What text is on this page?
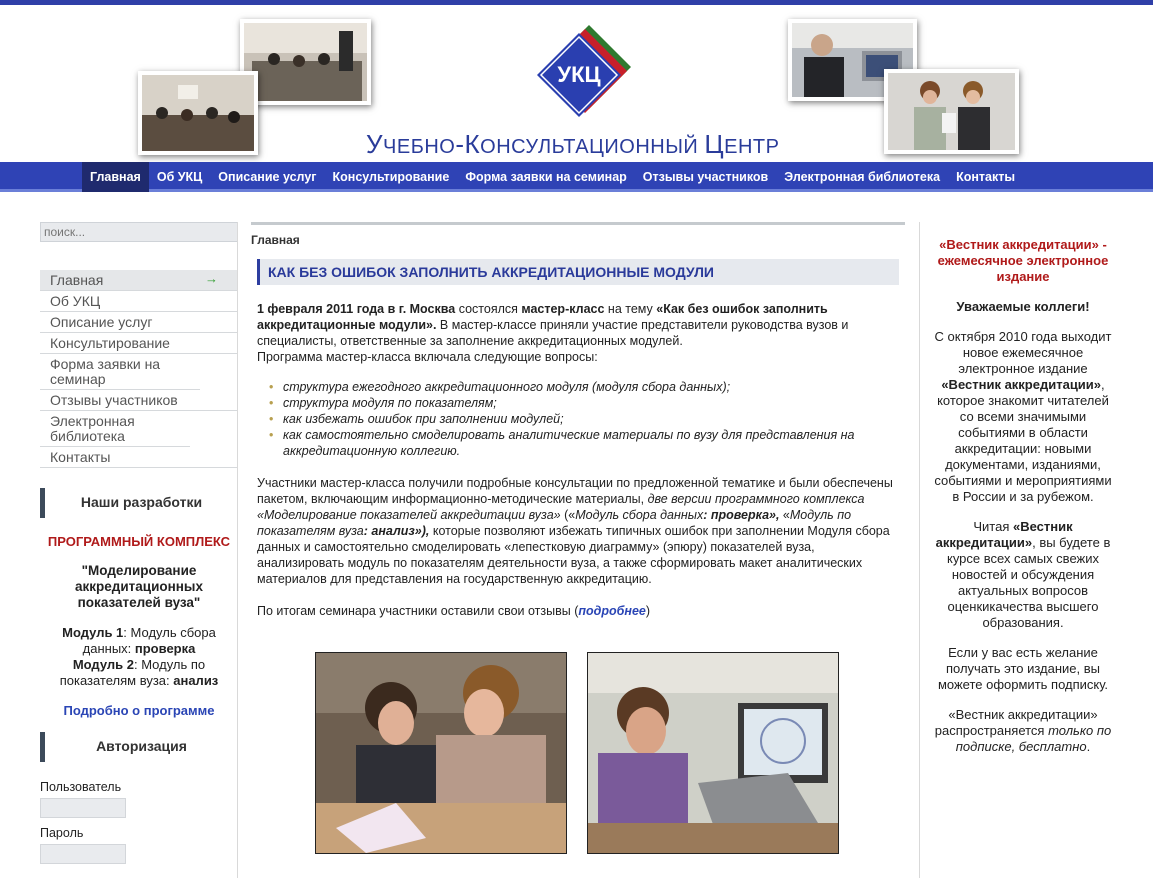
УКЦ
УЧЕБНО-КОНСУЛЬТАЦИОННЫЙ ЦЕНТР
Главная	Об УКЦ	Описание услуг	Консультирование	Форма заявки на семинар	Отзывы участников	Электронная библиотека	Контакты
поиск...
Главная	→
Об УКЦ
Описание услуг
Консультирование
Форма заявки на семинар
Отзывы участников
Электронная библиотека
Контакты
Наши разработки
ПРОГРАММНЫЙ КОМПЛЕКС
"Моделирование аккредитационных показателей вуза"
Модуль 1: Модуль сбора данных: проверка
Модуль 2: Модуль по показателям вуза: анализ
Подробно о программе
Авторизация
Пользователь
Пароль
Главная
КАК БЕЗ ОШИБОК ЗАПОЛНИТЬ АККРЕДИТАЦИОННЫЕ МОДУЛИ

1 февраля 2011 года в г. Москва состоялся мастер-класс на тему «Как без ошибок заполнить аккредитационные модули». В мастер-классе приняли участие представители руководства вузов и специалисты, ответственные за заполнение аккредитационных модулей.
Программа мастер-класса включала следующие вопросы:

• структура ежегодного аккредитационного модуля (модуля сбора данных);
• структура модуля по показателям;
• как избежать ошибок при заполнении модулей;
• как самостоятельно смоделировать аналитические материалы по вузу для представления на аккредитационную коллегию.

Участники мастер-класса получили подробные консультации по предложенной тематике и были обеспечены пакетом, включающим информационно-методические материалы, две версии программного комплекса «Моделирование показателей аккредитации вуза» («Модуль сбора данных: проверка», «Модуль по показателям вуза: анализ»), которые позволяют избежать типичных ошибок при заполнении Модуля сбора данных и самостоятельно смоделировать «лепестковую диаграмму» (эпюру) показателей вуза, анализировать модуль по показателям деятельности вуза, а также сформировать макет аналитических материалов для представления на государственную аккредитацию.

По итогам семинара участники оставили свои отзывы (подробнее)

«Вестник аккредитации» - ежемесячное электронное издание
Уважаемые коллеги!

С октября 2010 года выходит новое ежемесячное электронное издание «Вестник аккредитации», которое знакомит читателей со всеми значимыми событиями в области аккредитации: новыми документами, изданиями, событиями и мероприятиями в России и за рубежом.

Читая «Вестник аккредитации», вы будете в курсе всех самых свежих новостей и обсуждения актуальных вопросов оценкикачества высшего образования.

Если у вас есть желание получать это издание, вы можете оформить подписку.

«Вестник аккредитации» распространяется только по подписке, бесплатно.
